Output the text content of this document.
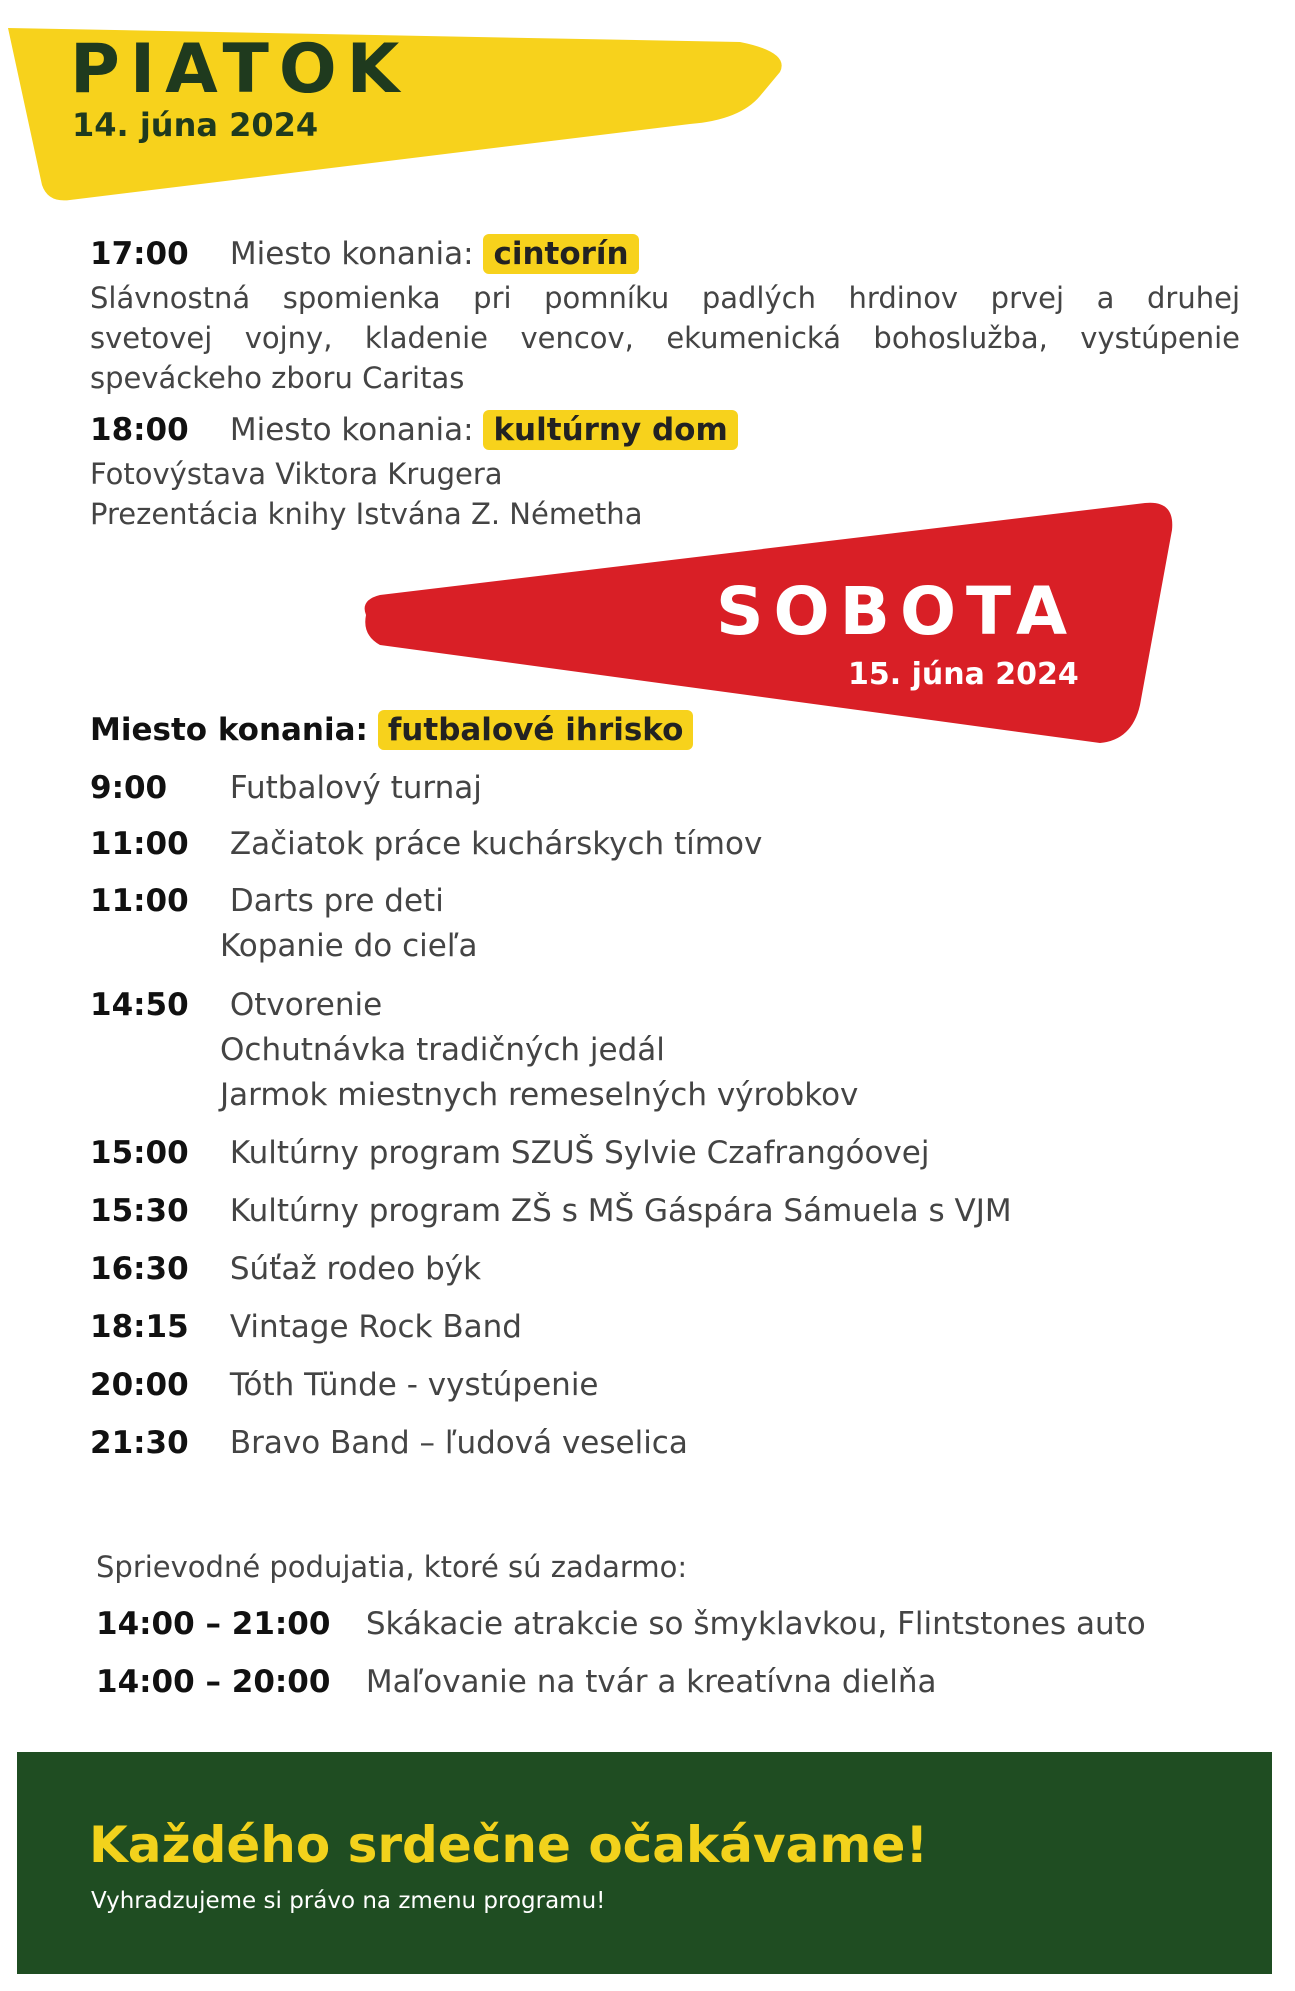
PIATOK
14. júna 2024
17:00 Miesto konania: cintorín
Slávnostná spomienka pri pomníku padlých hrdinov prvej a druhej
svetovej vojny, kladenie vencov, ekumenická bohoslužba, vystúpenie
speváckeho zboru Caritas
18:00 Miesto konania: kultúrny dom
Fotovýstava Viktora Krugera
Prezentácia knihy Istvána Z. Németha
SOBOTA
15. júna 2024
Miesto konania: futbalové ihrisko
9:00 Futbalový turnaj
11:00 Začiatok práce kuchárskych tímov
11:00 Darts pre deti
Kopanie do cieľa
14:50 Otvorenie
Ochutnávka tradičných jedál
Jarmok miestnych remeselných výrobkov
15:00 Kultúrny program SZUŠ Sylvie Czafrangóovej
15:30 Kultúrny program ZŠ s MŠ Gáspára Sámuela s VJM
16:30 Súťaž rodeo býk
18:15 Vintage Rock Band
20:00 Tóth Tünde - vystúpenie
21:30 Bravo Band – ľudová veselica
Sprievodné podujatia, ktoré sú zadarmo:
14:00 – 21:00 Skákacie atrakcie so šmyklavkou, Flintstones auto
14:00 – 20:00 Maľovanie na tvár a kreatívna dielňa
Každého srdečne očakávame!
Vyhradzujeme si právo na zmenu programu!
